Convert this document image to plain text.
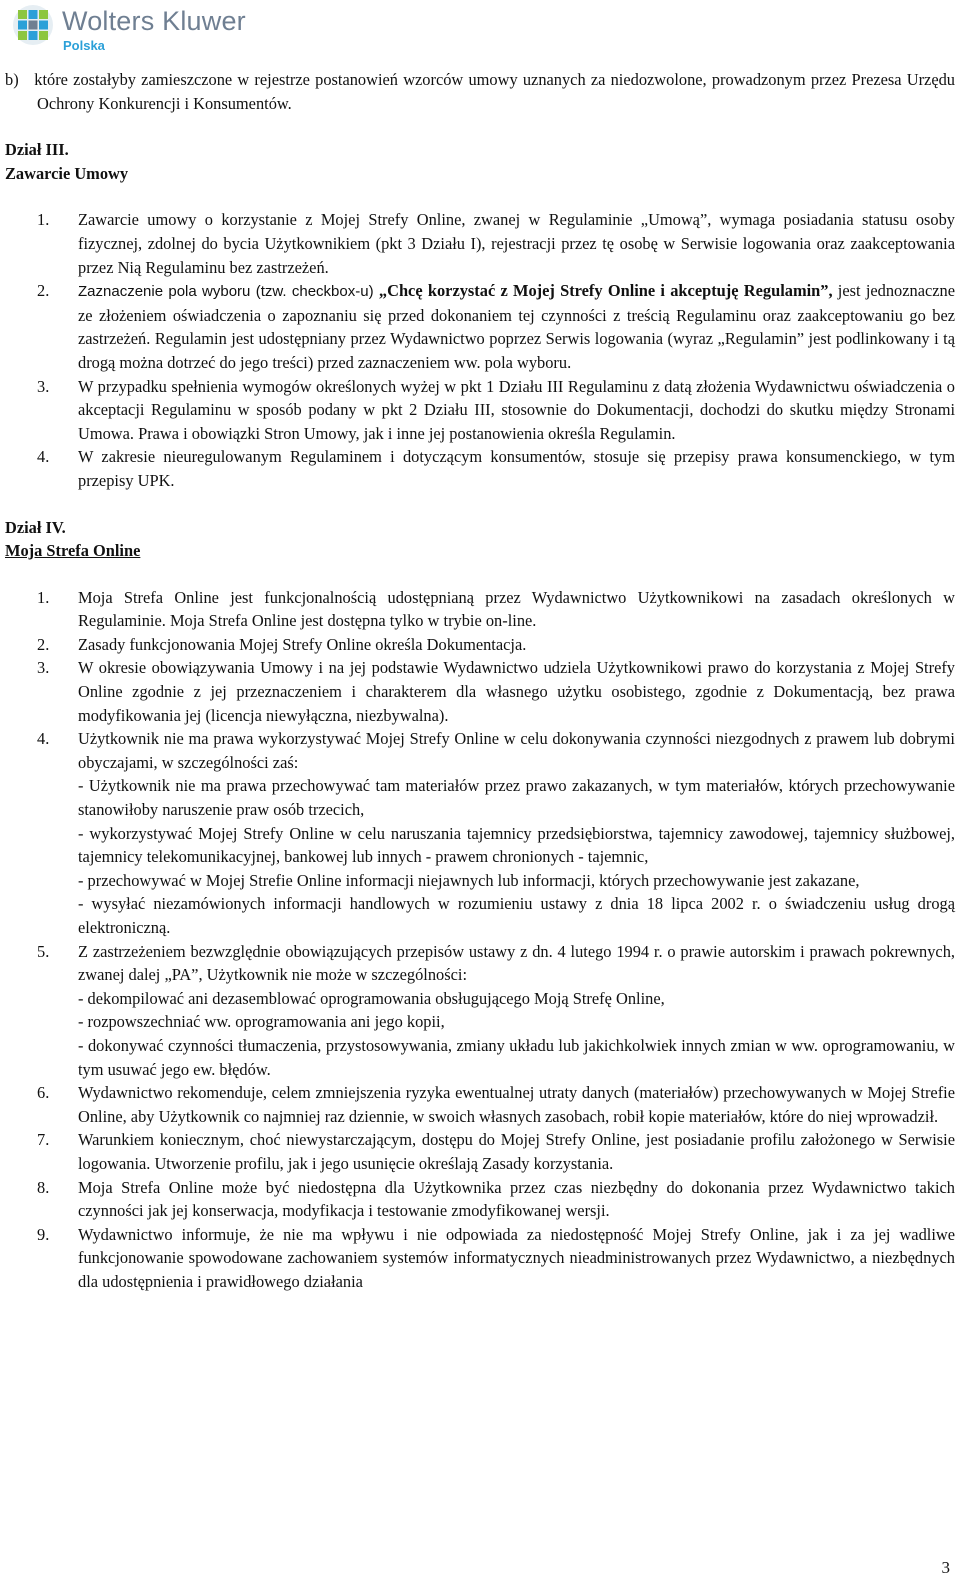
Wolters Kluwer
Polska

b) które zostałyby zamieszczone w rejestrze postanowień wzorców umowy uznanych za niedozwolone, prowadzonym przez Prezesa Urzędu Ochrony Konkurencji i Konsumentów.

Dział III.

Zawarcie Umowy

1. Zawarcie umowy o korzystanie z Mojej Strefy Online, zwanej w Regulaminie „Umową”, wymaga posiadania statusu osoby fizycznej, zdolnej do bycia Użytkownikiem (pkt 3 Działu I), rejestracji przez tę osobę w Serwisie logowania oraz zaakceptowania przez Nią Regulaminu bez zastrzeżeń.
2. Zaznaczenie pola wyboru (tzw. checkbox-u) „Chcę korzystać z Mojej Strefy Online i akceptuję Regulamin”, jest jednoznaczne ze złożeniem oświadczenia o zapoznaniu się przed dokonaniem tej czynności z treścią Regulaminu oraz zaakceptowaniu go bez zastrzeżeń. Regulamin jest udostępniany przez Wydawnictwo poprzez Serwis logowania (wyraz „Regulamin” jest podlinkowany i tą drogą można dotrzeć do jego treści) przed zaznaczeniem ww. pola wyboru.
3. W przypadku spełnienia wymogów określonych wyżej w pkt 1 Działu III Regulaminu z datą złożenia Wydawnictwu oświadczenia o akceptacji Regulaminu w sposób podany w pkt 2 Działu III, stosownie do Dokumentacji, dochodzi do skutku między Stronami Umowa. Prawa i obowiązki Stron Umowy, jak i inne jej postanowienia określa Regulamin.
4. W zakresie nieuregulowanym Regulaminem i dotyczącym konsumentów, stosuje się przepisy prawa konsumenckiego, w tym przepisy UPK.

Dział IV.

Moja Strefa Online

1. Moja Strefa Online jest funkcjonalnością udostępnianą przez Wydawnictwo Użytkownikowi na zasadach określonych w Regulaminie. Moja Strefa Online jest dostępna tylko w trybie on-line.
2. Zasady funkcjonowania Mojej Strefy Online określa Dokumentacja.
3. W okresie obowiązywania Umowy i na jej podstawie Wydawnictwo udziela Użytkownikowi prawo do korzystania z Mojej Strefy Online zgodnie z jej przeznaczeniem i charakterem dla własnego użytku osobistego, zgodnie z Dokumentacją, bez prawa modyfikowania jej (licencja niewyłączna, niezbywalna).
4. Użytkownik nie ma prawa wykorzystywać Mojej Strefy Online w celu dokonywania czynności niezgodnych z prawem lub dobrymi obyczajami, w szczególności zaś:
- Użytkownik nie ma prawa przechowywać tam materiałów przez prawo zakazanych, w tym materiałów, których przechowywanie stanowiłoby naruszenie praw osób trzecich,
- wykorzystywać Mojej Strefy Online w celu naruszania tajemnicy przedsiębiorstwa, tajemnicy zawodowej, tajemnicy służbowej, tajemnicy telekomunikacyjnej, bankowej lub innych - prawem chronionych - tajemnic,
- przechowywać w Mojej Strefie Online informacji niejawnych lub informacji, których przechowywanie jest zakazane,
- wysyłać niezamówionych informacji handlowych w rozumieniu ustawy z dnia 18 lipca 2002 r. o świadczeniu usług drogą elektroniczną.
5. Z zastrzeżeniem bezwzględnie obowiązujących przepisów ustawy z dn. 4 lutego 1994 r. o prawie autorskim i prawach pokrewnych, zwanej dalej „PA”, Użytkownik nie może w szczególności:
- dekompilować ani dezasemblować oprogramowania obsługującego Moją Strefę Online,
- rozpowszechniać ww. oprogramowania ani jego kopii,
- dokonywać czynności tłumaczenia, przystosowywania, zmiany układu lub jakichkolwiek innych zmian w ww. oprogramowaniu, w tym usuwać jego ew. błędów.
6. Wydawnictwo rekomenduje, celem zmniejszenia ryzyka ewentualnej utraty danych (materiałów) przechowywanych w Mojej Strefie Online, aby Użytkownik co najmniej raz dziennie, w swoich własnych zasobach, robił kopie materiałów, które do niej wprowadził.
7. Warunkiem koniecznym, choć niewystarczającym, dostępu do Mojej Strefy Online, jest posiadanie profilu założonego w Serwisie logowania. Utworzenie profilu, jak i jego usunięcie określają Zasady korzystania.
8. Moja Strefa Online może być niedostępna dla Użytkownika przez czas niezbędny do dokonania przez Wydawnictwo takich czynności jak jej konserwacja, modyfikacja i testowanie zmodyfikowanej wersji.
9. Wydawnictwo informuje, że nie ma wpływu i nie odpowiada za niedostępność Mojej Strefy Online, jak i za jej wadliwe funkcjonowanie spowodowane zachowaniem systemów informatycznych nieadministrowanych przez Wydawnictwo, a niezbędnych dla udostępnienia i prawidłowego działania
3
